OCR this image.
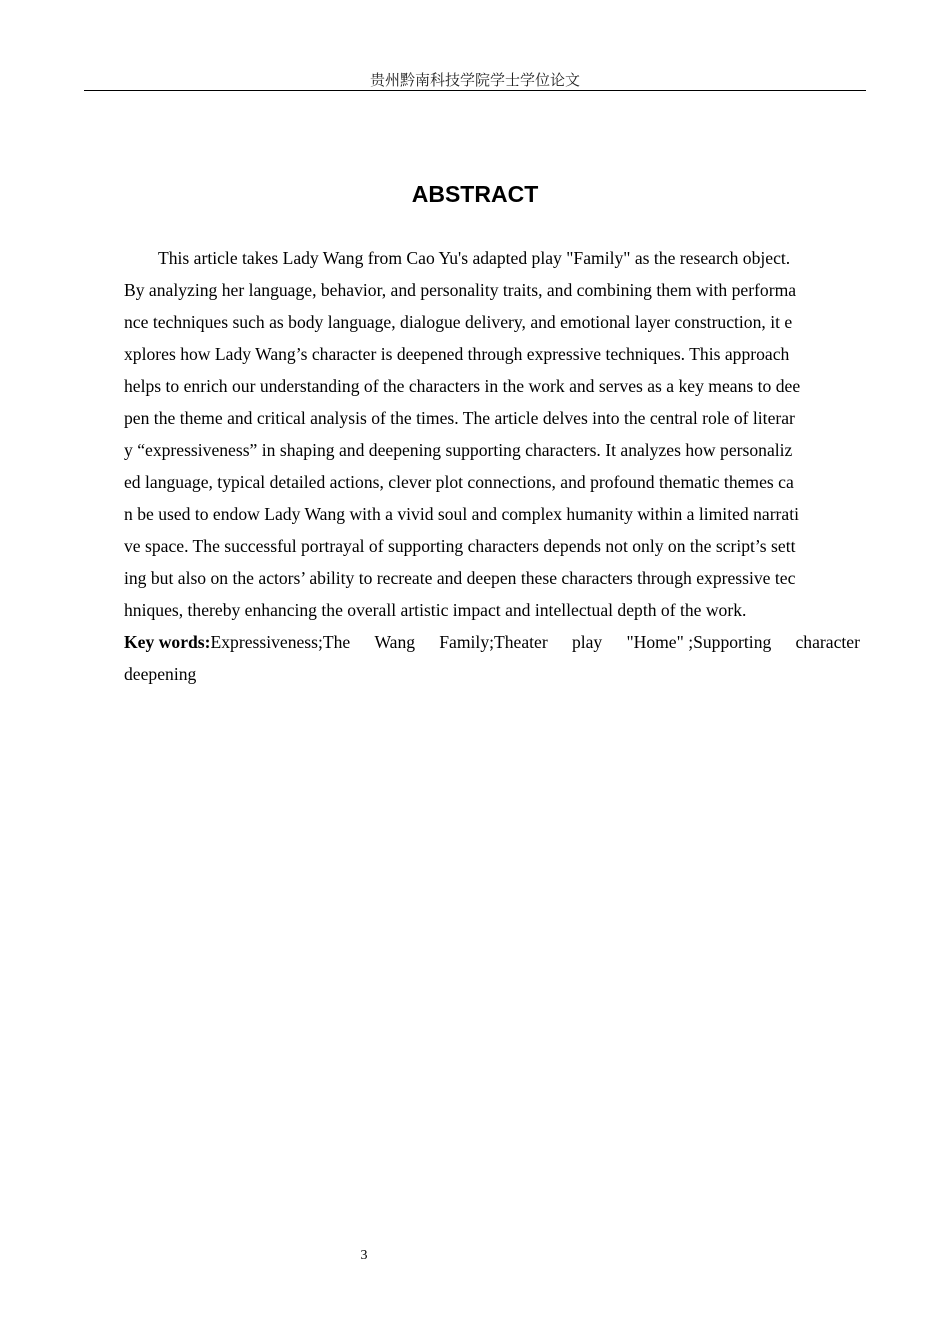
贵州黔南科技学院学士学位论文
ABSTRACT
This article takes Lady Wang from Cao Yu's adapted play "Family" as the research object.
By analyzing her language, behavior, and personality traits, and combining them with performa
nce techniques such as body language, dialogue delivery, and emotional layer construction, it e
xplores how Lady Wang’s character is deepened through expressive techniques. This approach
helps to enrich our understanding of the characters in the work and serves as a key means to dee
pen the theme and critical analysis of the times. The article delves into the central role of literar
y “expressiveness” in shaping and deepening supporting characters. It analyzes how personaliz
ed language, typical detailed actions, clever plot connections, and profound thematic themes ca
n be used to endow Lady Wang with a vivid soul and complex humanity within a limited narrati
ve space. The successful portrayal of supporting characters depends not only on the script’s sett
ing but also on the actors’ ability to recreate and deepen these characters through expressive tec
hniques, thereby enhancing the overall artistic impact and intellectual depth of the work.
Key words:Expressiveness;The Wang Family;Theater play "Home" ;Supporting character
deepening
3
